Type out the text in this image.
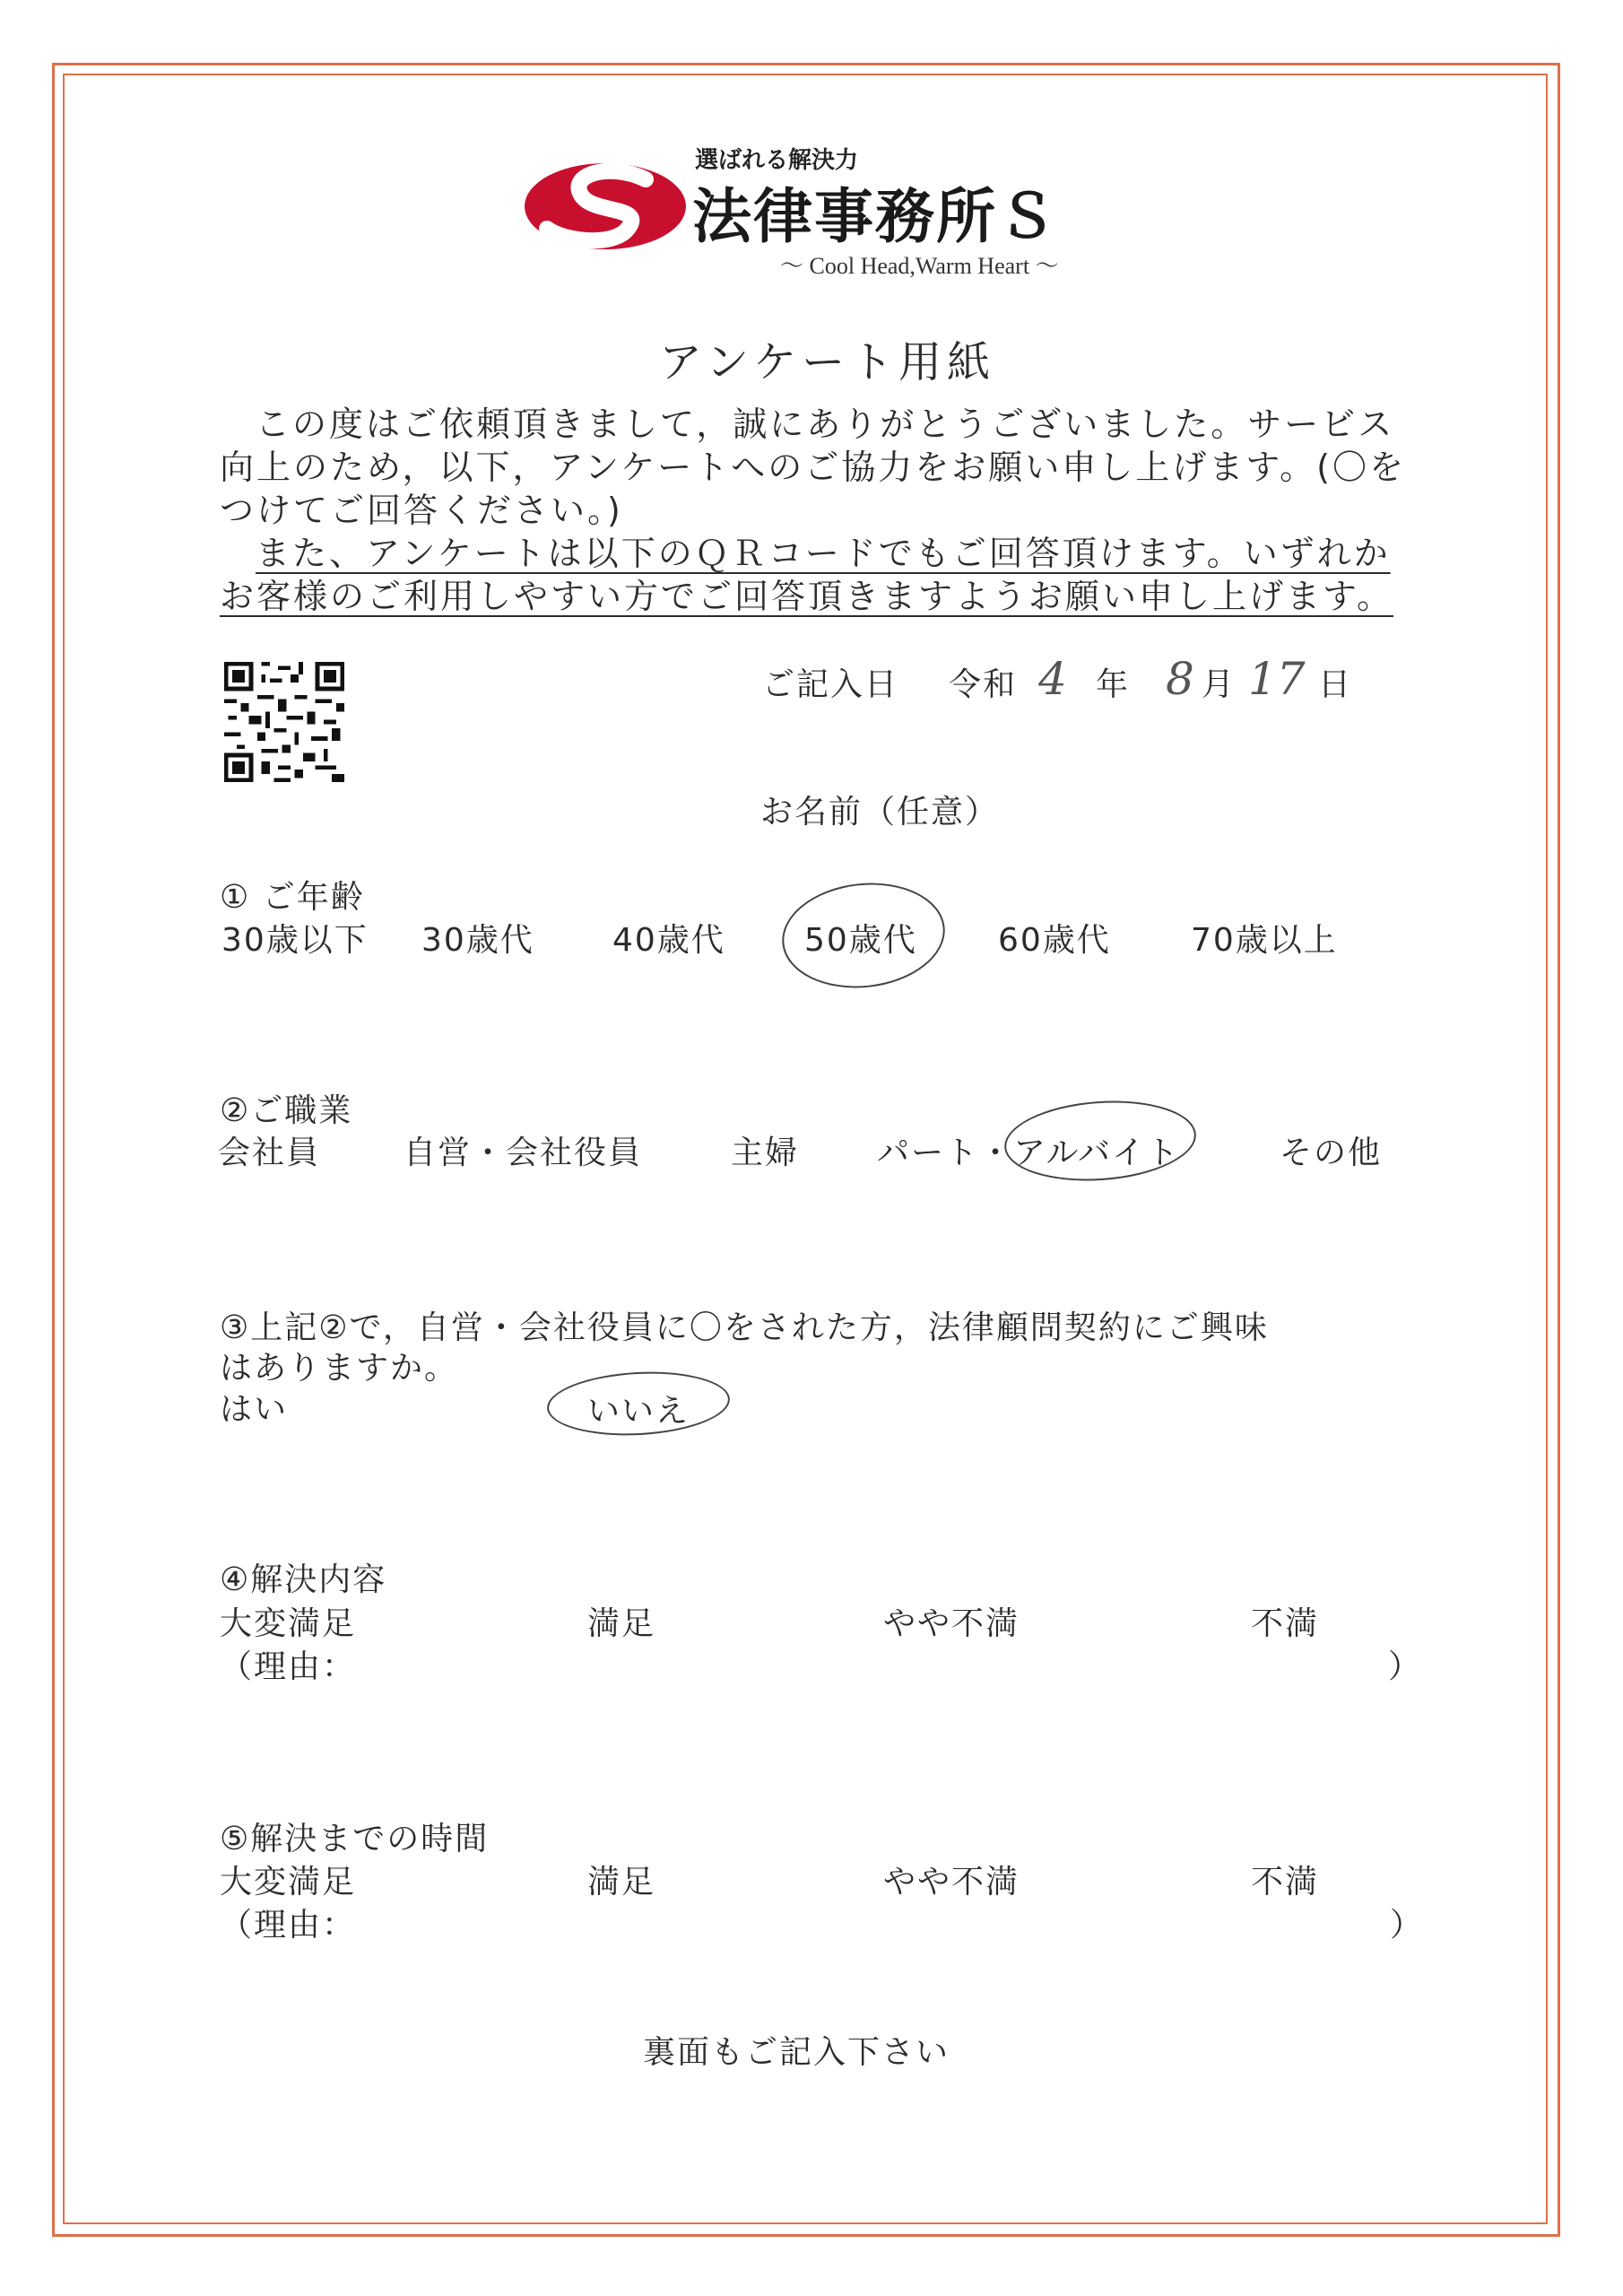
選ばれる解決力
法律事務所Ｓ
～ Cool Head,Warm Heart ～
アンケート用紙
この度はご依頼頂きまして，誠にありがとうございました。サービス
向上のため，以下，アンケートへのご協力をお願い申し上げます。(〇を
つけてご回答ください。)
また、アンケートは以下のＱＲコードでもご回答頂けます。いずれか
お客様のご利用しやすい方でご回答頂きますようお願い申し上げます。
ご記入日 令和 4 年 8 月 17 日
お名前（任意）
① ご年齢
30歳以下 30歳代 40歳代 50歳代	60歳代 70歳以上
②ご職業
会社員	自営・会社役員	主婦 パート・アルバイト	その他
③上記②で，自営・会社役員に〇をされた方，法律顧問契約にご興味
はありますか。
はい	いいえ
④解決内容
大変満足	満足	やや不満	不満
（理由：	）
⑤解決までの時間
大変満足	満足	やや不満	不満
（理由：	）
裏面もご記入下さい
